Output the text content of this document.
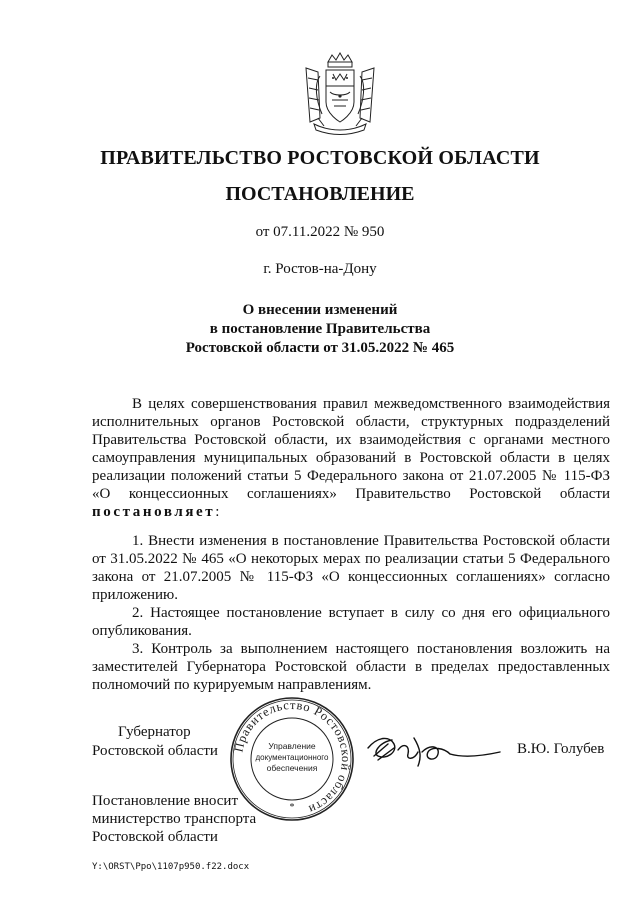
ПРАВИТЕЛЬСТВО РОСТОВСКОЙ ОБЛАСТИ
ПОСТАНОВЛЕНИЕ
от 07.11.2022 № 950
г. Ростов-на-Дону
О внесении изменений
в постановление Правительства
Ростовской области от 31.05.2022 № 465
В целях совершенствования правил межведомственного взаимодействия исполнительных органов Ростовской области, структурных подразделений Правительства Ростовской области, их взаимодействия с органами местного самоуправления муниципальных образований в Ростовской области в целях реализации положений статьи 5 Федерального закона от 21.07.2005 № 115-ФЗ «О концессионных соглашениях» Правительство Ростовской области постановляет:
1. Внести изменения в постановление Правительства Ростовской области от 31.05.2022 № 465 «О некоторых мерах по реализации статьи 5 Федерального закона от 21.07.2005 № 115-ФЗ «О концессионных соглашениях» согласно приложению.
2. Настоящее постановление вступает в силу со дня его официального опубликования.
3. Контроль за выполнением настоящего постановления возложить на заместителей Губернатора Ростовской области в пределах предоставленных полномочий по курируемым направлениям.
Губернатор
Ростовской области Правительство Ростовской области
Управление
документационного
обеспечения
*
В.Ю. Голубев
Постановление вносит
министерство транспорта
Ростовской области
Y:\ORST\Ppo\1107p950.f22.docx
